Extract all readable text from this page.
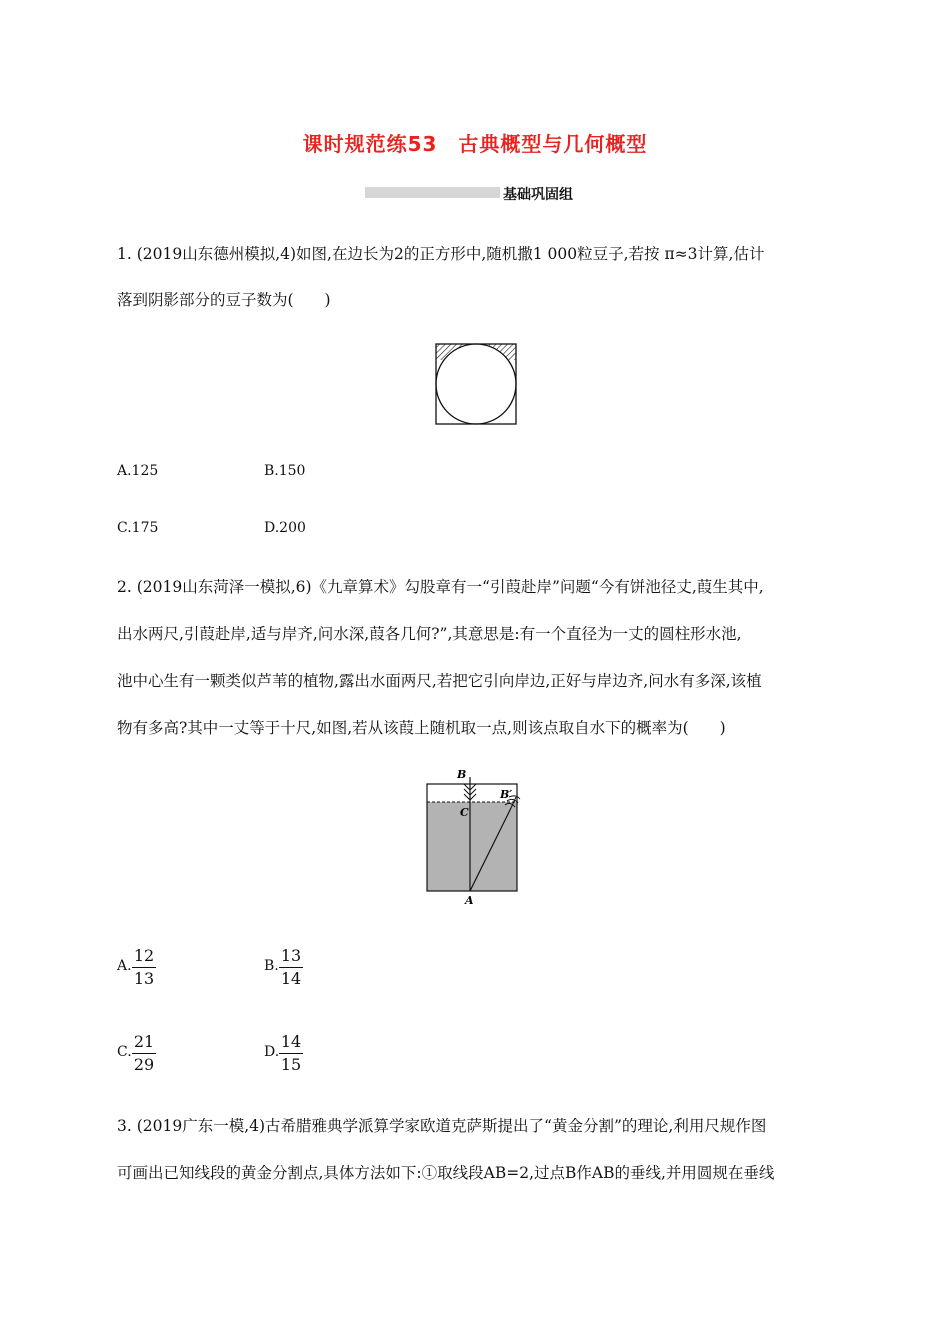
课时规范练53　古典概型与几何概型
基础巩固组
1. (2019山东德州模拟,4)如图,在边长为2的正方形中,随机撒1 000粒豆子,若按 π≈3计算,估计
落到阴影部分的豆子数为(　　)
A.125	B.150
C.175	D.200
2. (2019山东菏泽一模拟,6)《九章算术》勾股章有一“引葭赴岸”问题“今有饼池径丈,葭生其中,
出水两尺,引葭赴岸,适与岸齐,问水深,葭各几何?”,其意思是:有一个直径为一丈的圆柱形水池,
池中心生有一颗类似芦苇的植物,露出水面两尺,若把它引向岸边,正好与岸边齐,问水有多深,该植
物有多高?其中一丈等于十尺,如图,若从该葭上随机取一点,则该点取自水下的概率为(　　)
B
B′
C
A
A.
12
13
B.
13
14
C.
21
29
D.
14
15
3. (2019广东一模,4)古希腊雅典学派算学家欧道克萨斯提出了“黄金分割”的理论,利用尺规作图
可画出已知线段的黄金分割点,具体方法如下:①取线段AB=2,过点B作AB的垂线,并用圆规在垂线
